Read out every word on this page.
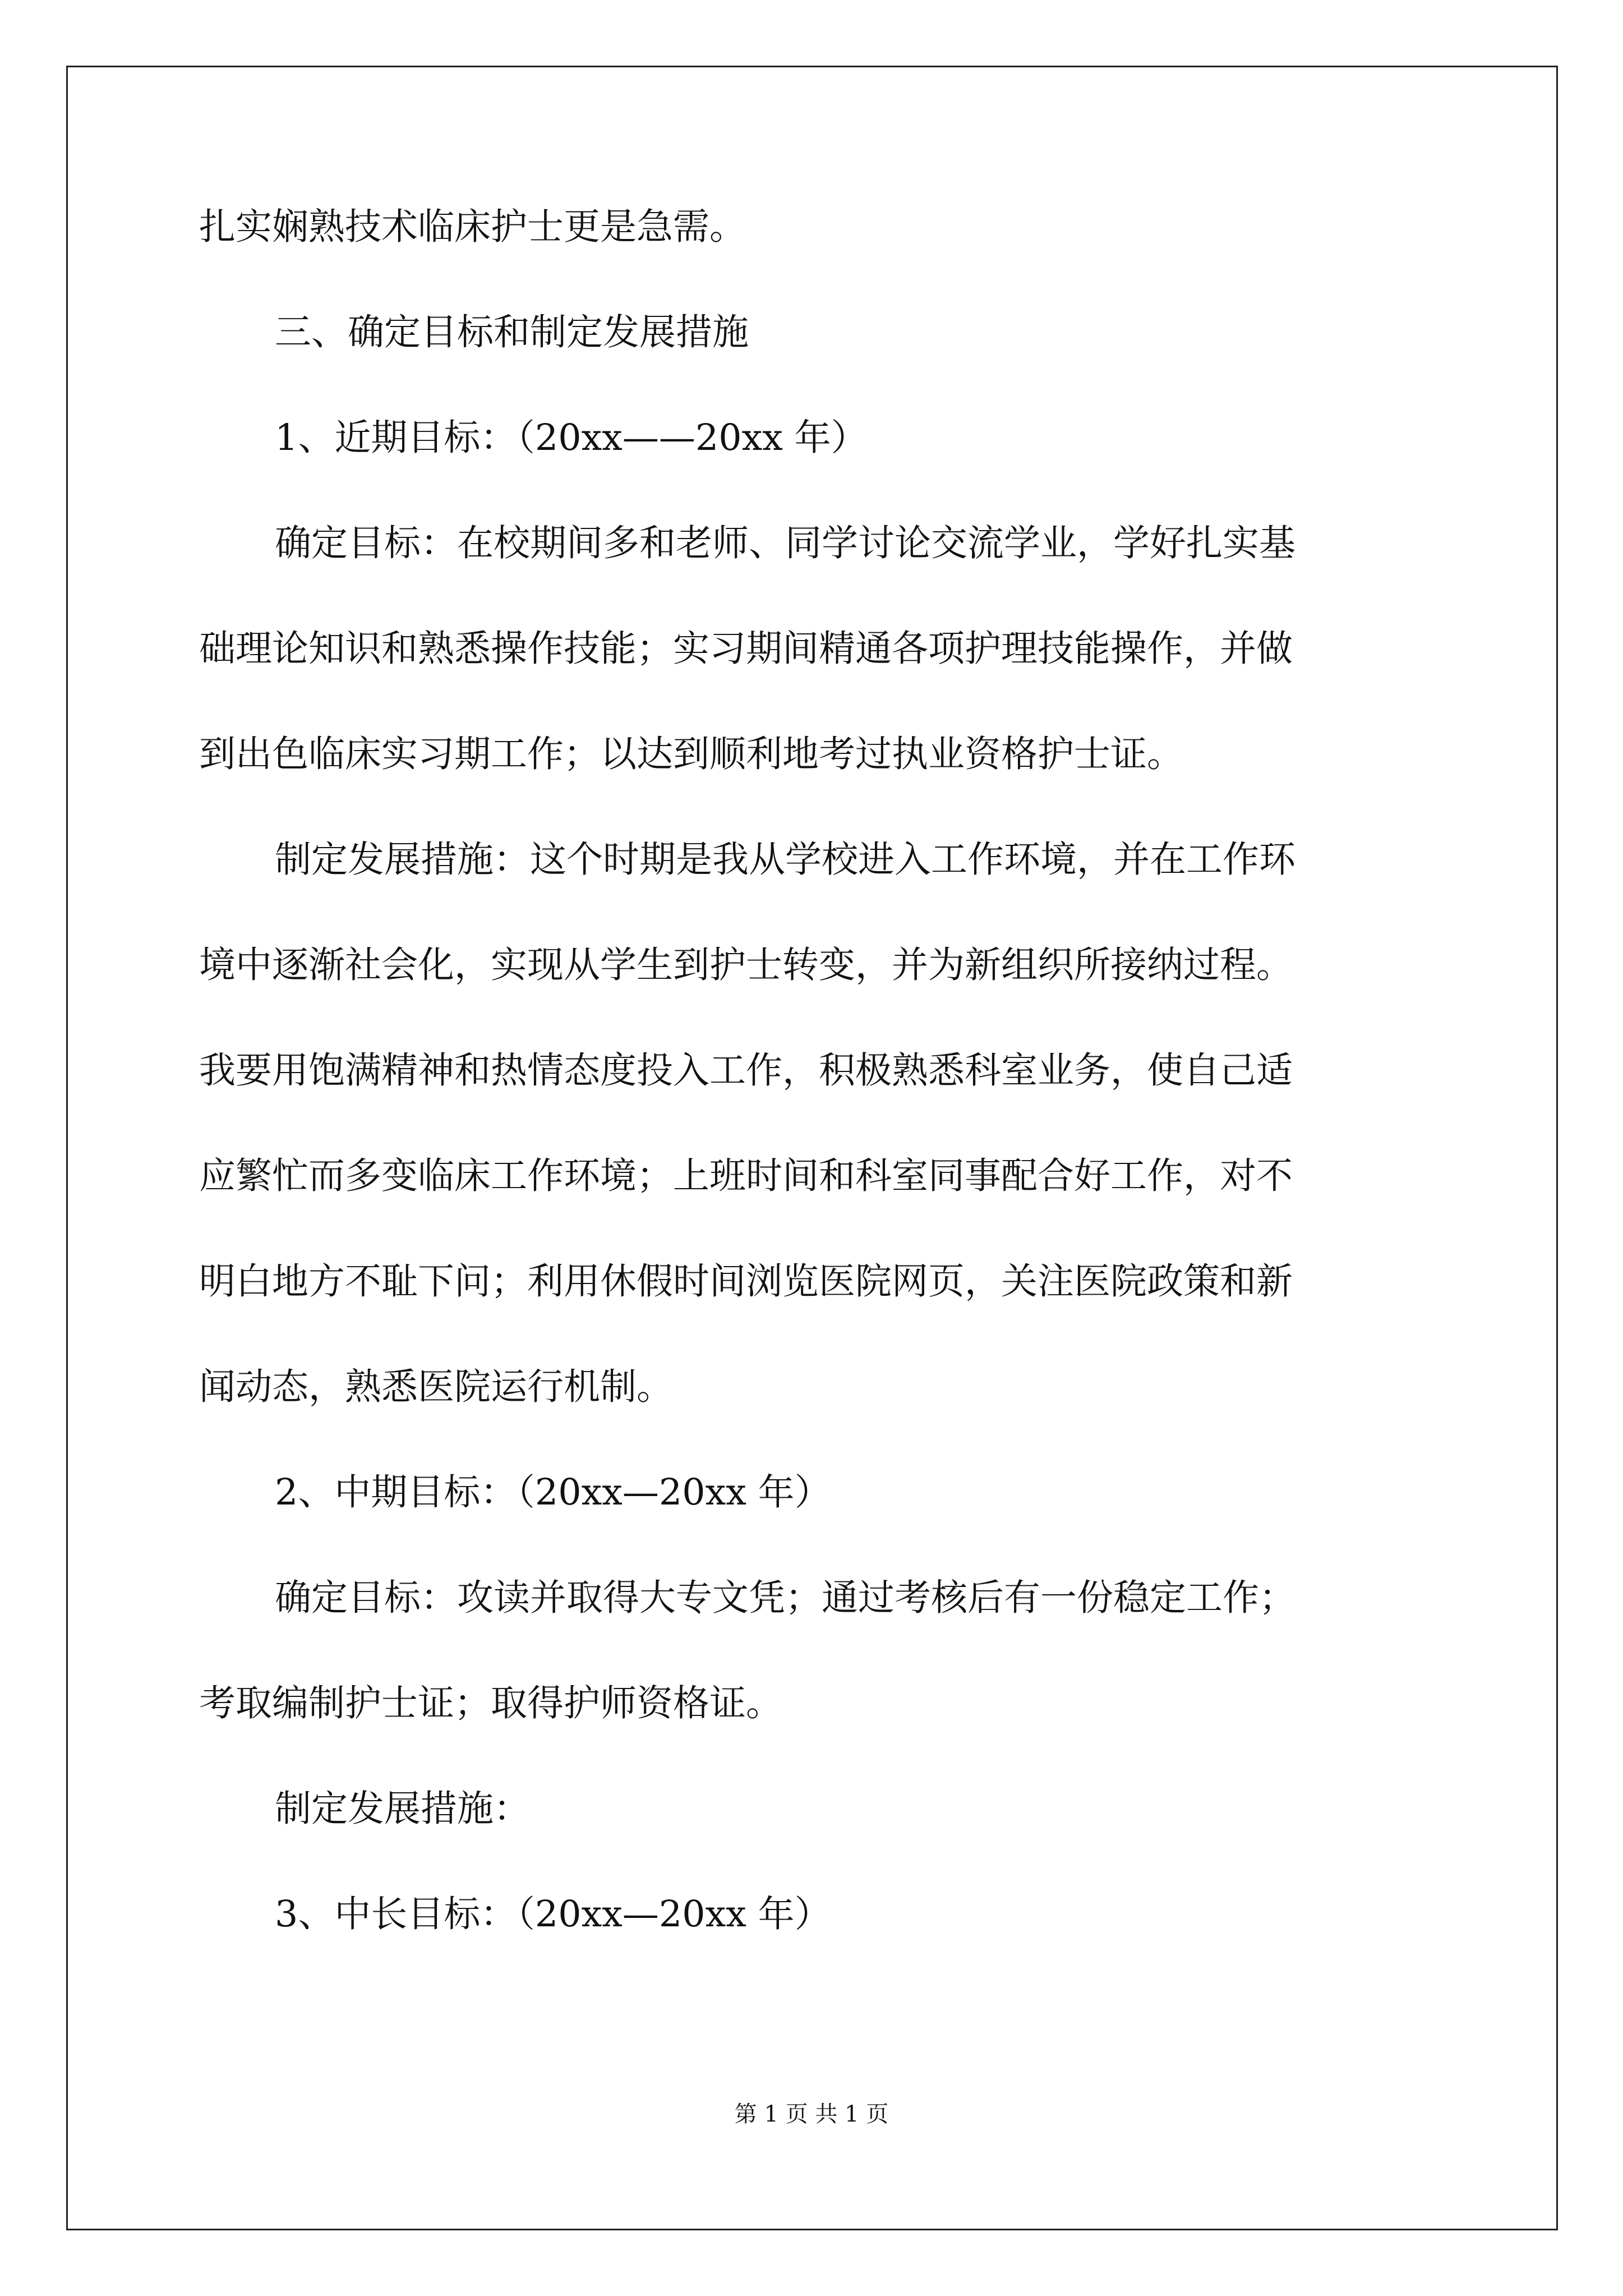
扎实娴熟技术临床护士更是急需。
三、确定目标和制定发展措施
1、近期目标：（20xx——20xx 年）
确定目标：在校期间多和老师、同学讨论交流学业，学好扎实基
础理论知识和熟悉操作技能；实习期间精通各项护理技能操作，并做
到出色临床实习期工作；以达到顺利地考过执业资格护士证。
制定发展措施：这个时期是我从学校进入工作环境，并在工作环
境中逐渐社会化，实现从学生到护士转变，并为新组织所接纳过程。
我要用饱满精神和热情态度投入工作，积极熟悉科室业务，使自己适
应繁忙而多变临床工作环境；上班时间和科室同事配合好工作，对不
明白地方不耻下问；利用休假时间浏览医院网页，关注医院政策和新
闻动态，熟悉医院运行机制。
2、中期目标：（20xx—20xx 年）
确定目标：攻读并取得大专文凭；通过考核后有一份稳定工作；
考取编制护士证；取得护师资格证。
制定发展措施：
3、中长目标：（20xx—20xx 年）
第 1 页 共 1 页
